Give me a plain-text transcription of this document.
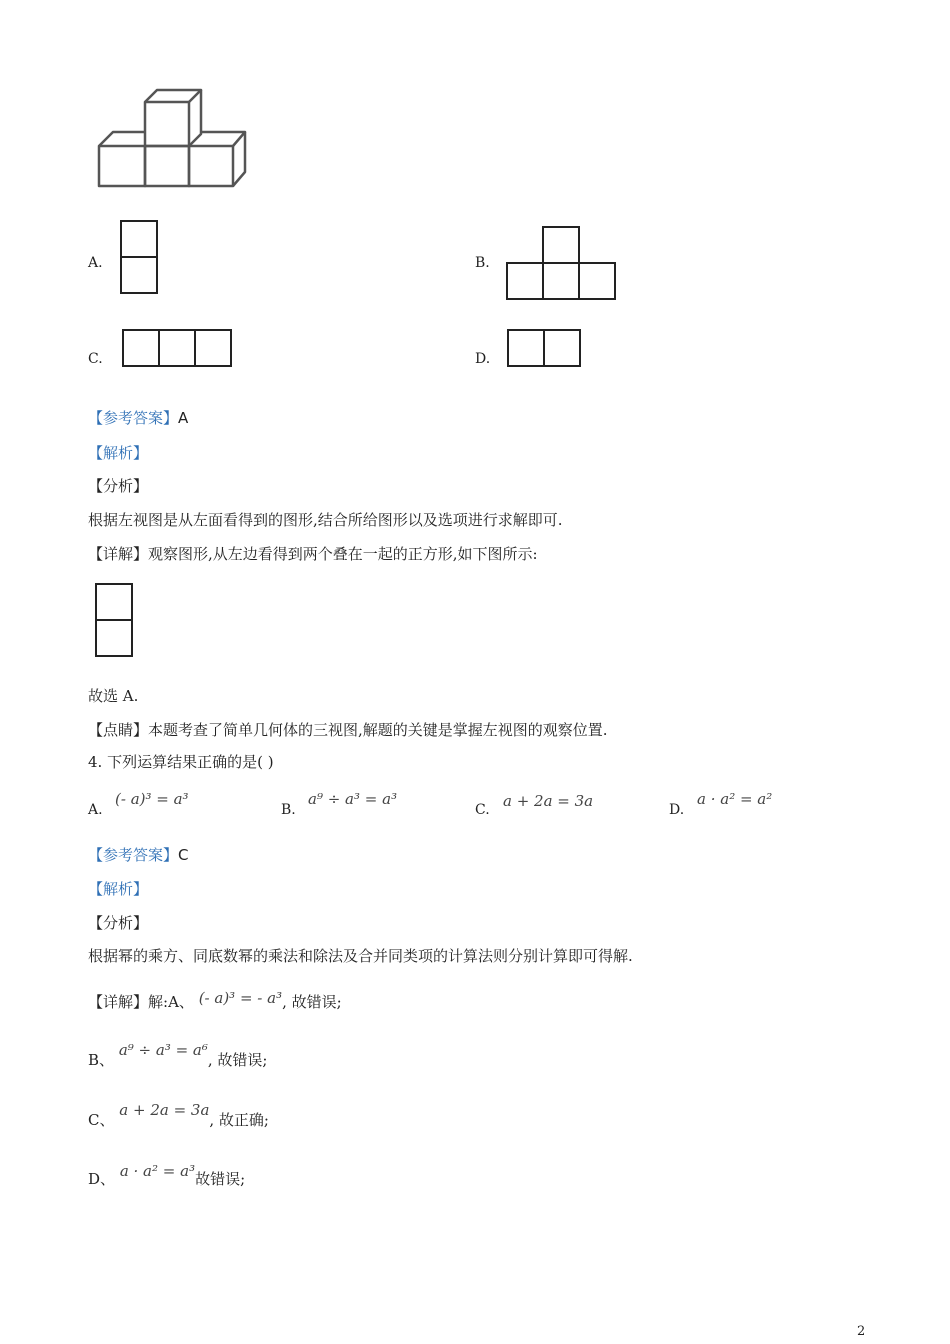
A.	B.
C.	D.
【参考答案】A
【解析】
【分析】
根据左视图是从左面看得到的图形,结合所给图形以及选项进行求解即可.
【详解】观察图形,从左边看得到两个叠在一起的正方形,如下图所示:
故选 A.
【点睛】本题考查了简单几何体的三视图,解题的关键是掌握左视图的观察位置.
4. 下列运算结果正确的是( )
A.
(- a)³ = a³
B.
a⁹ ÷ a³ = a³
C. a + 2a = 3a	D.
a · a² = a²
【参考答案】C
【解析】
【分析】
根据幂的乘方、同底数幂的乘法和除法及合并同类项的计算法则分别计算即可得解.
【详解】解:A、 (- a)³ = - a³, 故错误;
B、 a⁹ ÷ a³ = a⁶, 故错误;
C、 a + 2a = 3a, 故正确;
D、 a · a² = a³故错误;
2
